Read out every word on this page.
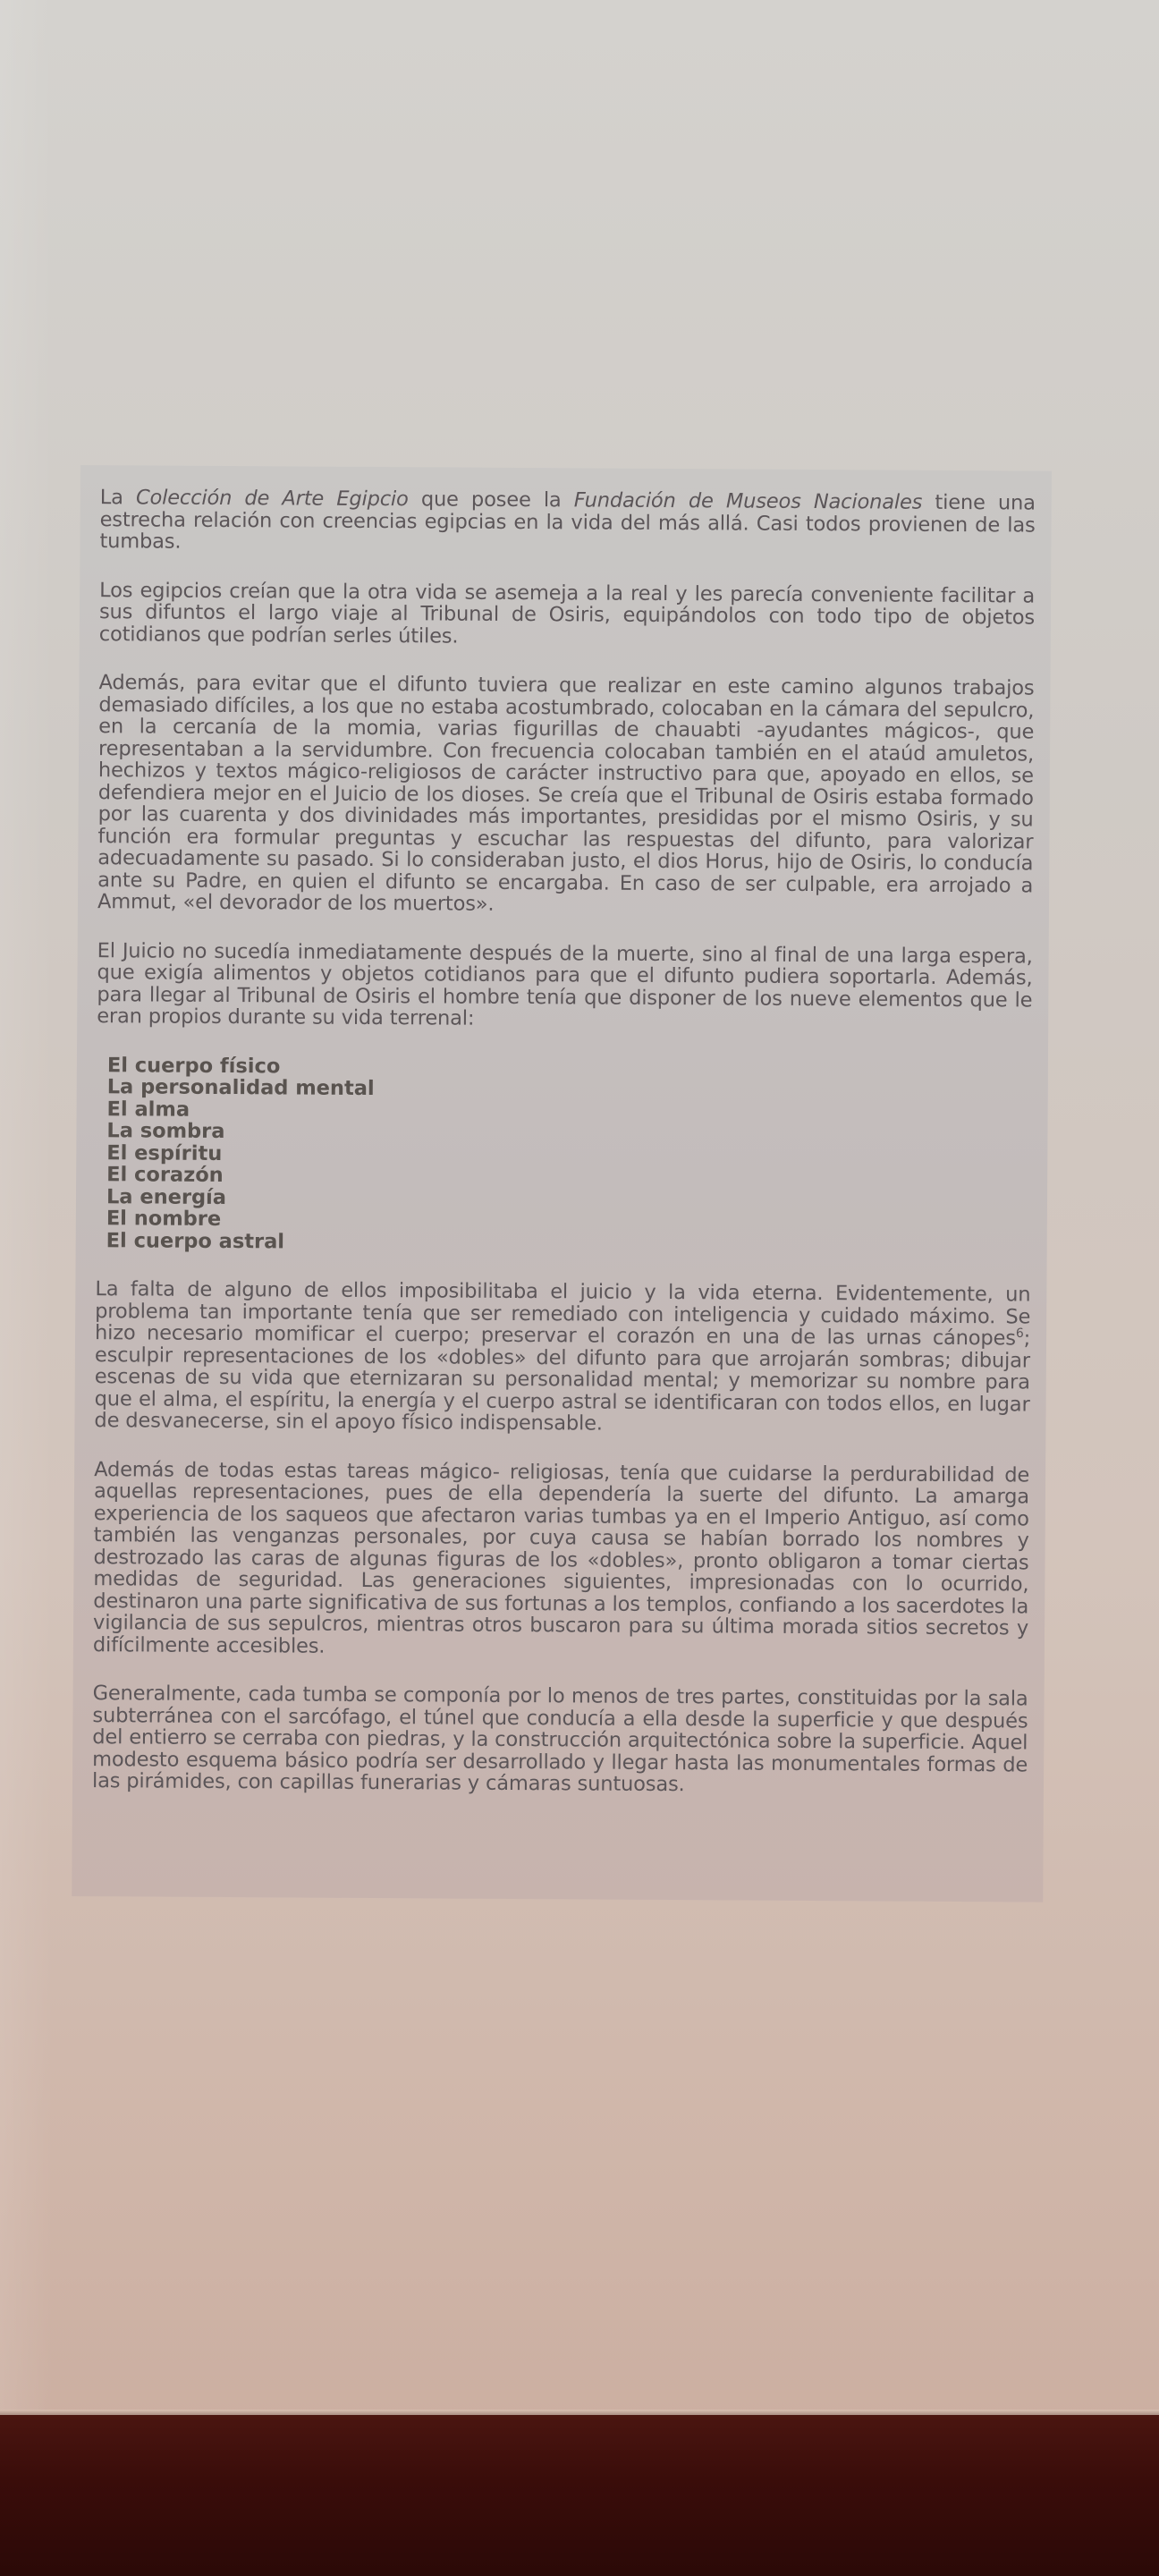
La Colección de Arte Egipcio que posee la Fundación de Museos Nacionales tiene una estrecha relación con creencias egipcias en la vida del más allá. Casi todos provienen de las tumbas.

Los egipcios creían que la otra vida se asemeja a la real y les parecía conveniente facilitar a sus difuntos el largo viaje al Tribunal de Osiris, equipándolos con todo tipo de objetos cotidianos que podrían serles útiles.

Además, para evitar que el difunto tuviera que realizar en este camino algunos trabajos demasiado difíciles, a los que no estaba acostumbrado, colocaban en la cámara del sepulcro, en la cercanía de la momia, varias figurillas de chauabti -ayudantes mágicos-, que representaban a la servidumbre. Con frecuencia colocaban también en el ataúd amuletos, hechizos y textos mágico-religiosos de carácter instructivo para que, apoyado en ellos, se defendiera mejor en el Juicio de los dioses. Se creía que el Tribunal de Osiris estaba formado por las cuarenta y dos divinidades más importantes, presididas por el mismo Osiris, y su función era formular preguntas y escuchar las respuestas del difunto, para valorizar adecuadamente su pasado. Si lo consideraban justo, el dios Horus, hijo de Osiris, lo conducía ante su Padre, en quien el difunto se encargaba. En caso de ser culpable, era arrojado a Ammut, «el devorador de los muertos».

El Juicio no sucedía inmediatamente después de la muerte, sino al final de una larga espera, que exigía alimentos y objetos cotidianos para que el difunto pudiera soportarla. Además, para llegar al Tribunal de Osiris el hombre tenía que disponer de los nueve elementos que le eran propios durante su vida terrenal:

El cuerpo físico
La personalidad mental
El alma
La sombra
El espíritu
El corazón
La energía
El nombre
El cuerpo astral

La falta de alguno de ellos imposibilitaba el juicio y la vida eterna. Evidentemente, un problema tan importante tenía que ser remediado con inteligencia y cuidado máximo. Se hizo necesario momificar el cuerpo; preservar el corazón en una de las urnas cánopes$^6$; esculpir representaciones de los «dobles» del difunto para que arrojarán sombras; dibujar escenas de su vida que eternizaran su personalidad mental; y memorizar su nombre para que el alma, el espíritu, la energía y el cuerpo astral se identificaran con todos ellos, en lugar de desvanecerse, sin el apoyo físico indispensable.

Además de todas estas tareas mágico- religiosas, tenía que cuidarse la perdurabilidad de aquellas representaciones, pues de ella dependería la suerte del difunto. La amarga experiencia de los saqueos que afectaron varias tumbas ya en el Imperio Antiguo, así como también las venganzas personales, por cuya causa se habían borrado los nombres y destrozado las caras de algunas figuras de los «dobles», pronto obligaron a tomar ciertas medidas de seguridad. Las generaciones siguientes, impresionadas con lo ocurrido, destinaron una parte significativa de sus fortunas a los templos, confiando a los sacerdotes la vigilancia de sus sepulcros, mientras otros buscaron para su última morada sitios secretos y difícilmente accesibles.

Generalmente, cada tumba se componía por lo menos de tres partes, constituidas por la sala subterránea con el sarcófago, el túnel que conducía a ella desde la superficie y que después del entierro se cerraba con piedras, y la construcción arquitectónica sobre la superficie. Aquel modesto esquema básico podría ser desarrollado y llegar hasta las monumentales formas de las pirámides, con capillas funerarias y cámaras suntuosas.
